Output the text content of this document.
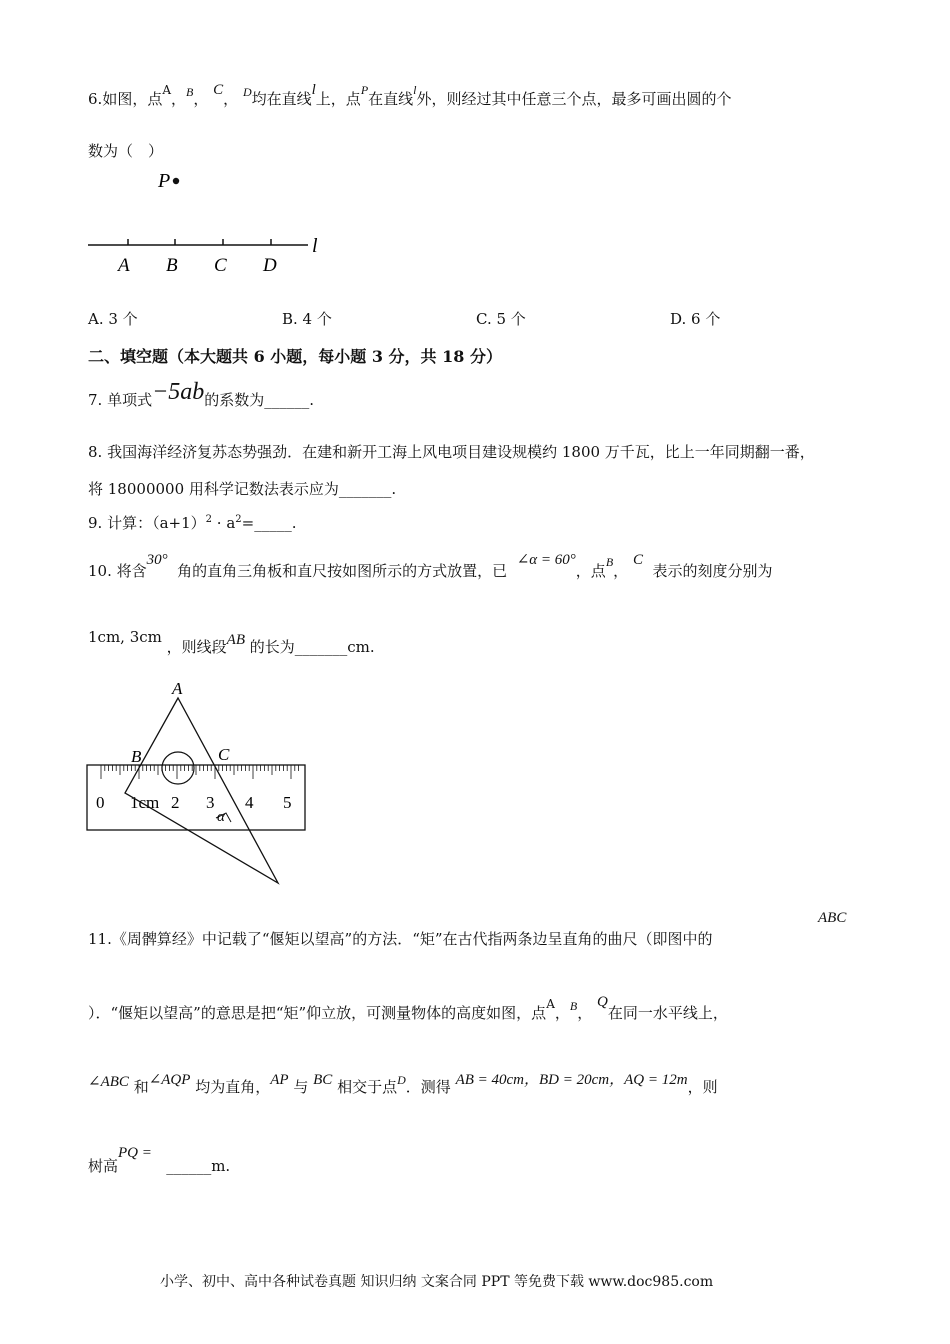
6.如图，点$^A$，$^B$， C， $^D$均在直线l上，点$^P$在直线$^l$外，则经过其中任意三个点，最多可画出圆的个
数为（　）
P
l
A B C D
A. 3 个	B. 4 个	C. 5 个	D. 6 个
二、填空题（本大题共 6 小题，每小题 3 分，共 18 分）
7. 单项式−5ab的系数为______.
8. 我国海洋经济复苏态势强劲．在建和新开工海上风电项目建设规模约 1800 万千瓦，比上一年同期翻一番，
将 18000000 用科学记数法表示应为_______.
9. 计算：$(a+1)^2$ · $a^2=\_\_\_\_\_$.
10. 将含30°  角的直角三角板和直尺按如图所示的方式放置，已  ∠α = 60°，点$^B$， C  表示的刻度分别为
1cm, 3cm ，则线段AB 的长为_______cm.
0 1cm 2 3 4 5
A
B	C
α
11.《周髀算经》中记载了“偃矩以望高”的方法．“矩”在古代指两条边呈直角的曲尺（即图中的
ABC
）．“偃矩以望高”的意思是把“矩”仰立放，可测量物体的高度如图，点$^A$，$^B$， Q在同一水平线上，
∠ABC 和∠AQP 均为直角，AP 与 BC 相交于点$^D$．测得 AB = 40cm，BD = 20cm，AQ = 12m，则
树高PQ =   ______m.
小学、初中、高中各种试卷真题 知识归纳 文案合同 PPT 等免费下载 www.doc985.com
